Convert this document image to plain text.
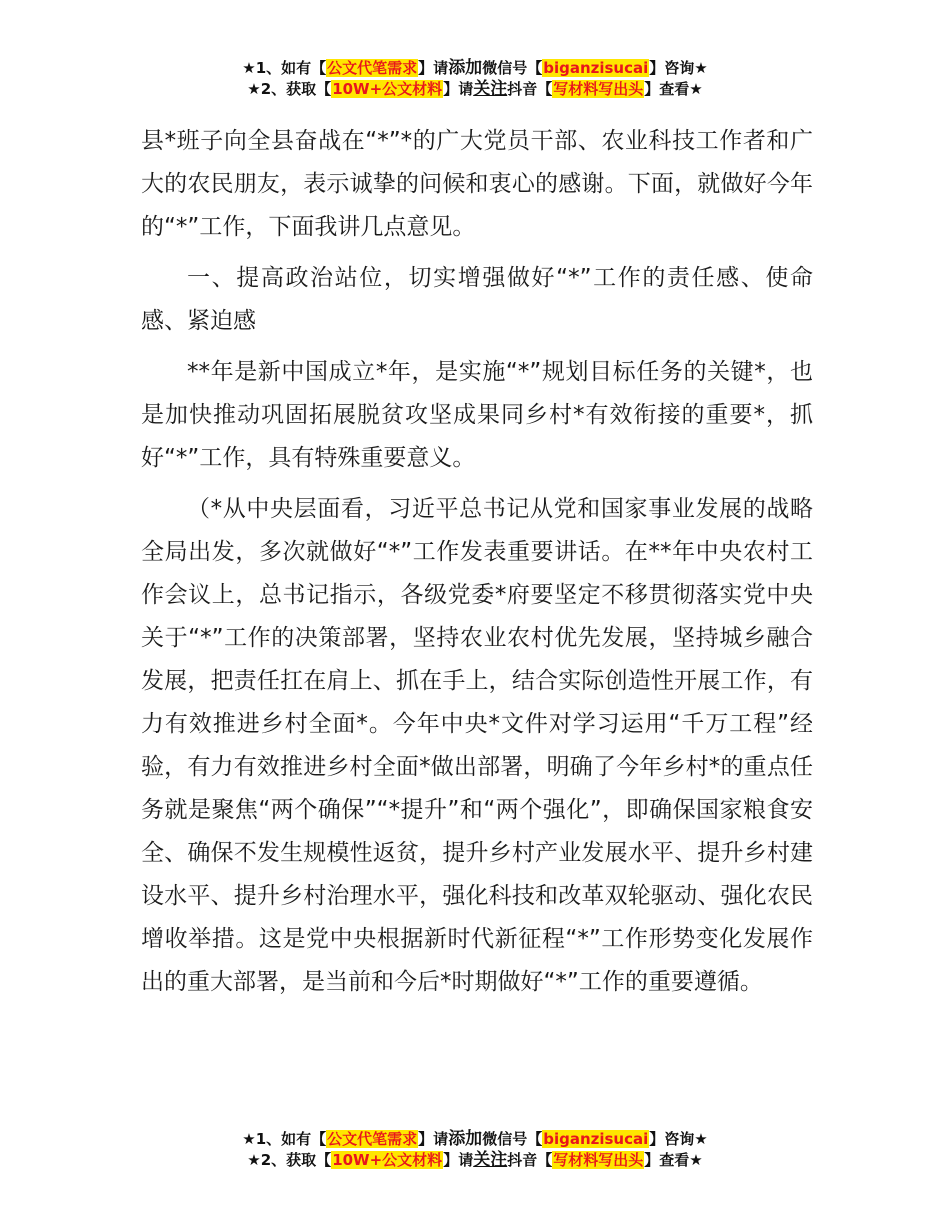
★1、如有【公文代笔需求】请添加微信号【biganzisucai】咨询★
★2、获取【10W+公文材料】请关注抖音【写材料写出头】查看★

县*班子向全县奋战在“*”*的广大党员干部、农业科技工作者和广大的农民朋友，表示诚挚的问候和衷心的感谢。下面，就做好今年的“*”工作，下面我讲几点意见。

一、提高政治站位，切实增强做好“*”工作的责任感、使命感、紧迫感

**年是新中国成立*年，是实施“*”规划目标任务的关键*，也是加快推动巩固拓展脱贫攻坚成果同乡村*有效衔接的重要*，抓好“*”工作，具有特殊重要意义。

（*从中央层面看，习近平总书记从党和国家事业发展的战略全局出发，多次就做好“*”工作发表重要讲话。在**年中央农村工作会议上，总书记指示，各级党委*府要坚定不移贯彻落实党中央关于“*”工作的决策部署，坚持农业农村优先发展，坚持城乡融合发展，把责任扛在肩上、抓在手上，结合实际创造性开展工作，有力有效推进乡村全面*。今年中央*文件对学习运用“千万工程”经验，有力有效推进乡村全面*做出部署，明确了今年乡村*的重点任务就是聚焦“两个确保”“*提升”和“两个强化”，即确保国家粮食安全、确保不发生规模性返贫，提升乡村产业发展水平、提升乡村建设水平、提升乡村治理水平，强化科技和改革双轮驱动、强化农民增收举措。这是党中央根据新时代新征程“*”工作形势变化发展作出的重大部署，是当前和今后*时期做好“*”工作的重要遵循。

★1、如有【公文代笔需求】请添加微信号【biganzisucai】咨询★
★2、获取【10W+公文材料】请关注抖音【写材料写出头】查看★
